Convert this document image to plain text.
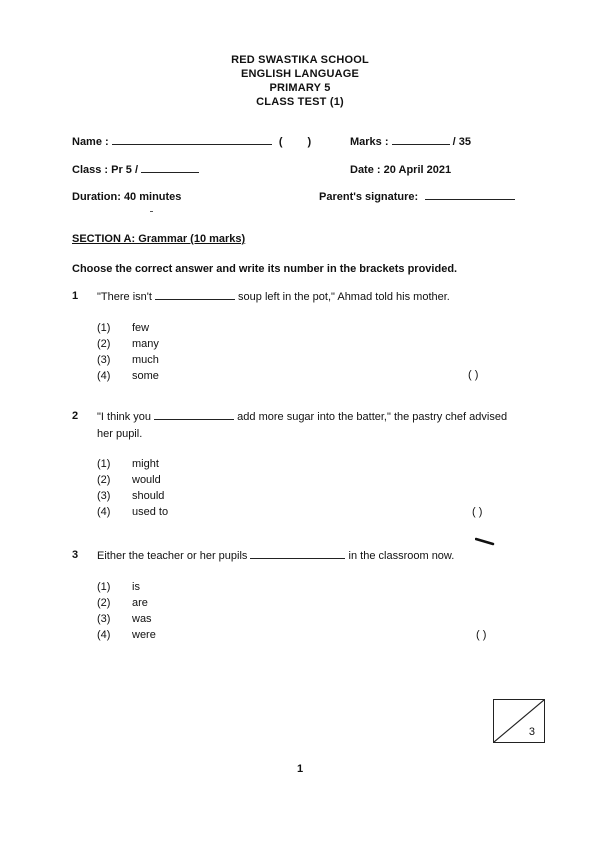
RED SWASTIKA SCHOOL
ENGLISH LANGUAGE
PRIMARY 5
CLASS TEST (1)
Name :	( )	Marks :	/ 35
Class : Pr 5 /	Date : 20 April 2021
Duration: 40 minutes	Parent's signature:
SECTION A: Grammar (10 marks)
Choose the correct answer and write its number in the brackets provided.
1 "There isn't	soup left in the pot," Ahmad told his mother.
(1) few
(2) many
(3) much
(4) some	( )
2 "I think you	add more sugar into the batter," the pastry chef advised
her pupil.
(1) might
(2) would
(3) should
(4) used to	( )
3 Either the teacher or her pupils	in the classroom now.
(1) is
(2) are
(3) was
(4) were	( )
3
1
